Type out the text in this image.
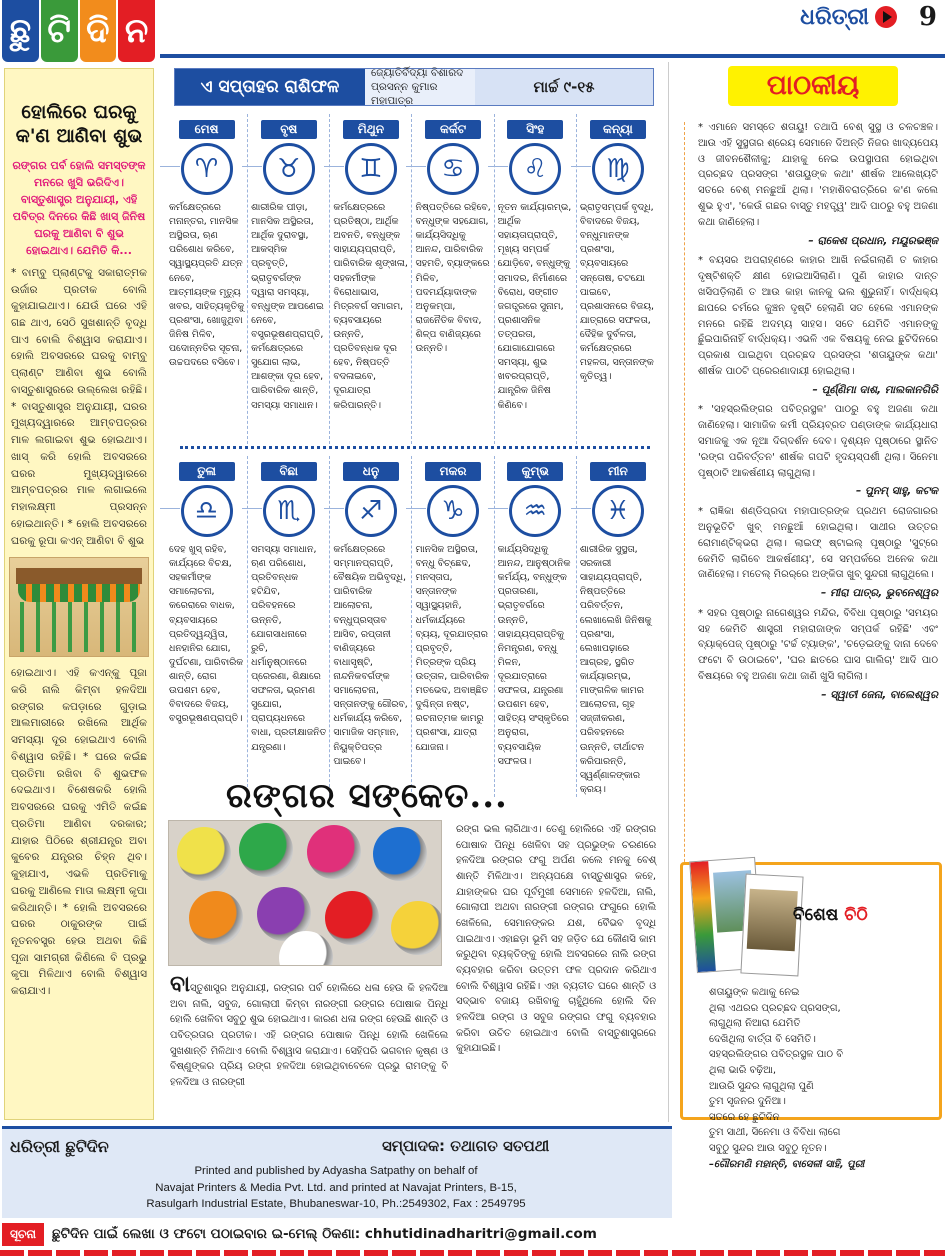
ଛୁ ଟି ଦି ନ	ଧରିତ୍ରୀ 9
ହୋଲିରେ ଘରକୁ କ'ଣ ଆଣିବା ଶୁଭ
ରଙ୍ଗର ପର୍ବ ହୋଲି ସମସ୍ତଙ୍କ ମନରେ ଖୁସି ଭରିଦିଏ। ବାସ୍ତୁଶାସ୍ତ୍ର ଅନୁଯାୟୀ, ଏହି ପବିତ୍ର ଦିନରେ କିଛି ଖାସ୍ ଜିନିଷ ଘରକୁ ଆଣିବା ବି ଶୁଭ ହୋଇଥାଏ। ଯେମିତି କି...
* ବାମ୍ବୁ ପ୍ଲାଣ୍ଟକୁ ସକାରାତ୍ମକ ଉର୍ଜାର ପ୍ରତୀକ ବୋଲି କୁହାଯାଇଥାଏ। ଯେଉଁ ଘରେ ଏହି ଗଛ ଥାଏ, ସେଠି ସୁଖଶାନ୍ତି ବୃଦ୍ଧି ପାଏ ବୋଲି ବିଶ୍ୱାସ କରାଯାଏ। ହୋଲି ଅବସରରେ ଘରକୁ ବାମ୍ବୁ ପ୍ଲାଣ୍ଟ ଆଣିବା ଶୁଭ ବୋଲି ବାସ୍ତୁଶାସ୍ତ୍ରରେ ଉଲ୍ଲେଖ ରହିଛି। * ବାସ୍ତୁଶାସ୍ତ୍ର ଅନୁଯାୟୀ, ଘରର ମୁଖ୍ୟଦ୍ୱାରରେ ଆମ୍ବପତ୍ରର ମାଳ ଲଗାଇବା ଶୁଭ ହୋଇଥାଏ। ଖାସ୍ କରି ହୋଲି ଅବସରରେ ଘରର ମୁଖ୍ୟଦ୍ୱାରରେ ଆମ୍ବପତ୍ରର ମାଳ ଲଗାଇଲେ ମହାଲକ୍ଷ୍ମୀ ପ୍ରସନ୍ନ ହୋଇଥାନ୍ତି। * ହୋଲି ଅବସରରେ ଘରକୁ ରୂପା କଏନ୍ ଆଣିବା ବି ଶୁଭ
ହୋଇଥାଏ। ଏହି କଏନ୍‌କୁ ପୂଜା କରି ନାଲି କିମ୍ବା ହଳଦିଆ ରଙ୍ଗର କପଡ଼ାରେ ଗୁଡ଼ାଇ ଆଲମାରୀରେ ରଖିଲେ ଆର୍ଥିକ ସମସ୍ୟା ଦୂର ହୋଇଥାଏ ବୋଲି ବିଶ୍ୱାସ ରହିଛି। * ଘରେ କଇଁଛ ପ୍ରତିମା ରଖିବା ବି ଶୁଭଫଳ ଦେଇଥାଏ। ବିଶେଷକରି ହୋଲି ଅବସରରେ ଘରକୁ ଏମିତି କଇଁଛ ପ୍ରତିମା ଆଣିବା ଦରକାର; ଯାହାର ପିଠିରେ ଶ୍ରୀଯନ୍ତ୍ର ଅବା କୁବେର ଯନ୍ତ୍ରର ଚିହ୍ନ ଥିବ। କୁହାଯାଏ, ଏଭଳି ପ୍ରତିମାକୁ ଘରକୁ ଆଣିଲେ ମାତା ଲକ୍ଷ୍ମୀ କୃପା କରିଥାନ୍ତି। * ହୋଲି ଅବସରରେ ଘରର ଠାକୁରଙ୍କ ପାଇଁ ନୂତନବସ୍ତ୍ର ହେଉ ଅଥବା କିଛି ପୂଜା ସାମଗ୍ରୀ କିଣିଲେ ବି ପ୍ରଭୁ କୃପା ମିଳିଥାଏ ବୋଲି ବିଶ୍ୱାସ କରାଯାଏ।
ଏ ସପ୍ତାହର ରାଶିଫଳ
ଜ୍ୟୋତିର୍ବିଦ୍ୟା ବିଶାରଦ
ପ୍ରସନ୍ନ କୁମାର ମହାପାତ୍ର
ମାର୍ଚ୍ଚ ୯-୧୫
ମେଷ
♈
କର୍ମକ୍ଷେତ୍ରରେ ମନାନ୍ତର, ମାନସିକ ଅସ୍ଥିରତା, ଋଣ ପରିଶୋଧ କରିବେ, ସ୍ୱାସ୍ଥ୍ୟପ୍ରତି ଯତ୍ନ ନେବେ, ଆତ୍ମୀୟଙ୍କ ମୃତ୍ୟୁ ଖବର, ସାହିତ୍ୟକୃତିକୁ ପ୍ରଶଂସା, ଖୋଜୁଥିବା ଜିନିଷ ମିଳିବ, ପଦୋନ୍ନତିର ସୂଚନା, ଉଚ୍ଚପଦରେ ବସିବେ।
ବୃଷ
♉
ଶାରୀରିକ ପୀଡ଼ା, ମାନସିକ ଅସ୍ଥିରତା, ଆର୍ଥିକ ଦୁରାବସ୍ଥା, ଆକସ୍ମିକ ପ୍ରବୃତ୍ତି, ଭ୍ରାତୃବର୍ଗଙ୍କ ଦ୍ୱାରା ସମସ୍ୟା, ବନ୍ଧୁଙ୍କ ଆପଣେଇ ନେବେ, ବସ୍ତ୍ରଭୂଷଣପ୍ରାପ୍ତି, କର୍ମକ୍ଷେତ୍ରରେ ସୁଯୋଗ ଲାଭ, ଆଶଙ୍କା ଦୂର ହେବ, ପାରିବାରିକ ଶାନ୍ତି, ସମସ୍ୟା ସମାଧାନ।
ମିଥୁନ
♊
କର୍ମକ୍ଷେତ୍ରରେ ପ୍ରତିଷ୍ଠା, ଆର୍ଥିକ ଅବନତି, ବନ୍ଧୁଙ୍କ ସାହାଯ୍ୟପ୍ରାପ୍ତି, ପାରିବାରିକ ଶୃଙ୍ଖଳା, ସହକର୍ମୀଙ୍କ ବିରୋଧାଭାସ, ମିତ୍ରବର୍ଗ ସମାଗମ, ବ୍ୟବସାୟରେ ଉନ୍ନତି, ପ୍ରତିବନ୍ଧକ ଦୂର ହେବ, ନିଷ୍ପତ୍ତି ବଦଳାଇବେ, ଦୂରଯାତ୍ରା କରିପାରନ୍ତି।
କର୍କଟ
♋
ନିଷ୍ପତ୍ତିରେ ରହିବେ, ବନ୍ଧୁଙ୍କ ସହଯୋଗ, କାର୍ଯ୍ୟସିଦ୍ଧିକୁ ଆନନ୍ଦ, ପାରିବାରିକ ସହମତି, ବ୍ୟାଙ୍କରେ ମିଳିବ, ପଦମର୍ଯ୍ୟାଦାଙ୍କ ଅନୁକମ୍ପା, ରାଜନୈତିକ ବିବାଦ, ଶିଳ୍ପ ବାଣିଜ୍ୟରେ ଉନ୍ନତି।
ସିଂହ
♌
ନୂତନ କାର୍ଯ୍ୟାରମ୍ଭ, ଆର୍ଥିକ ସହାୟତାପ୍ରାପ୍ତି, ମୂଖ୍ୟ ସମ୍ପର୍କ ଯୋଡ଼ିବେ, ବନ୍ଧୁଙ୍କୁ ସମାଦର, ନିର୍ମାଣରେ ବିରୋଧ, ସଙ୍ଗୀତ ଜଗତ୍ତ୍ରରେ ସୁନାମ, ପ୍ରଶାସନିକ ତତ୍ପରତା, ଯୋଗାଯୋଗରେ ସମସ୍ୟା, ଶୁଭ ଖବରପ୍ରାପ୍ତି, ଯାନ୍ତ୍ରିକ ଜିନିଷ କିଣିବେ।
କନ୍ୟା
♍
ଭ୍ରାତୃସମ୍ପର୍କ ବୃଦ୍ଧି, ବିବାଦରେ ବିଜୟ, ବନ୍ଧୁମାନଙ୍କ ପ୍ରଶଂସା, ବ୍ୟବସାୟରେ ସନ୍ତୋଷ, ଚଟଯୋ ପାଇବେ, ପ୍ରଶାସନରେ ବିଜୟ, ଯାତ୍ରାରେ ସଫଳତା, ଦୈହିକ ଦୁର୍ବଳତା, କର୍ମକ୍ଷେତ୍ରରେ ମହଳତା, ସନ୍ତାନଙ୍କ କୃତିତ୍ୱ।
ତୁଳା
♎
ଦେହ ଖୁସ୍ ରହିବ, କାର୍ଯ୍ୟରେ ବିଚକ୍ଷ, ସହକର୍ମୀଙ୍କ ସମାଲୋଚନା, କରେରାରେ ବାଧକ, ବ୍ୟବସାୟରେ ପ୍ରତିଦ୍ୱନ୍ଦ୍ୱିତା, ଧନହାନିର ଯୋଗ, ଦୁର୍ଘଟଣା, ପାରିବାରିକ ଶାନ୍ତି, ରୋଗ ଉପଶମ ହେବ, ବିବାଦରେ ବିଜୟ, ବସ୍ତ୍ରଭୂଷଣପ୍ରାପ୍ତି।
ବିଛା
♏
ସମସ୍ୟା ସମାଧାନ, ଋଣ ପରିଶୋଧ, ପ୍ରତିବନ୍ଧକ ହଟିଯିବ, ପରିବହନରେ ଉନ୍ନତି, ଯୋଗସାଧନାରେ ରୁଚି, ଧର୍ମାନୁଷ୍ଠାନରେ ପ୍ରେରଣା, ଶିକ୍ଷାରେ ସଫଳତା, ଭ୍ରମଣ ସୁଯୋଗ, ପ୍ରାପ୍ୟଧନରେ ବାଧା, ପ୍ରତୀକ୍ଷାଜନିତ ଯନ୍ତ୍ରଣା।
ଧନୁ
♐
କର୍ମକ୍ଷେତ୍ରରେ ସମ୍ମାନପ୍ରାପ୍ତି, ବୈଷୟିକ ଅଭିବୃଦ୍ଧି, ପାରିବାରିକ ଆଲୋଚନା, ବନ୍ଧୁପ୍ରସ୍ତାବ ଆସିବ, ରପ୍ତାନୀ ବାଣିଜ୍ୟରେ ବାଧାସୃଷ୍ଟି, ନାନ୍ଦନିକବର୍ଗଙ୍କ ସମାଲୋଚନା, ସନ୍ତାନଙ୍କୁ ଗୌରବ, ଧର୍ମକାର୍ଯ୍ୟ କରିବେ, ସାମାଜିକ ସମ୍ମାନ, ନିୟୁକ୍ତିପତ୍ର ପାଇବେ।
ମକର
♑
ମାନସିକ ଅସ୍ଥିରତା, ବନ୍ଧୁ ବିଚ୍ଛେଦ, ମନସ୍ତାପ, ସନ୍ତାନଙ୍କ ସ୍ୱାସ୍ଥ୍ୟହାନି, ଧର୍ମକାର୍ଯ୍ୟରେ ବ୍ୟୟ, ଦୂରଯାତ୍ରାର ପ୍ରବୃତ୍ତି, ମିତ୍ରଙ୍କ ପ୍ରିୟ ଉତ୍ତାଳ, ପାରିବାରିକ ମତଭେଦ, ଅବାଞ୍ଛିତ ଦୁଶ୍ଚିନ୍ତା ନଷ୍ଟ, ରଚନାତ୍ମକ କାମରୁ ପ୍ରଶଂସା, ଯାତ୍ରା ଯୋଜନା।
କୁମ୍ଭ
♒
କାର୍ଯ୍ୟସିଦ୍ଧିକୁ ଆନନ୍ଦ, ଆନୁଷ୍ଠାନିକ କର୍ମର୍ଯ୍ୟ, ବନ୍ଧୁଙ୍କ ପ୍ରତାରଣା, ଭ୍ରାତୃବର୍ଗରେ ଉନ୍ନତି, ସାହାଯ୍ୟପ୍ରାପ୍ତିକୁ ନିମନ୍ତ୍ରଣ, ବନ୍ଧୁ ମିଳନ, ଦୂରଯାତ୍ରାରେ ସଫଳତା, ଯନ୍ତ୍ରଣା ଉପଶମ ହେବ, ସାହିତ୍ୟ ସଂସ୍କୃତିରେ ଅନୁରାଗ, ବ୍ୟବସାୟିକ ସଫଳତା।
ମୀନ
♓
ଶାରୀରିକ ସୁସ୍ଥତା, ସରକାରୀ ସାହାଯ୍ୟପ୍ରାପ୍ତି, ନିଷ୍ପତ୍ତିରେ ପରିବର୍ତ୍ତନ, ଲେଖାଲେଖି ଜିନିଷକୁ ପ୍ରଶଂସା, ଲେଖାପଢ଼ାରେ ଆଗ୍ରହ, ସ୍ଥଗିତ କାର୍ଯ୍ୟାରମ୍ଭ, ମାଙ୍ଗଳିକ କାମର ଆଲୋଚନା, ଗୃହ ସଜ୍ଜୀକରଣ, ପରିବହନରେ ଉନ୍ନତି, ତୀର୍ଥାଟନ କରିପାରନ୍ତି, ସ୍ୱର୍ଣ୍ଣାଳଙ୍କାର କ୍ରୟ।
ରଙ୍ଗର ସଙ୍କେତ...
ରଙ୍ଗ ଭଲ ଲାଗିଥାଏ। ତେଣୁ ହୋଲିରେ ଏହି ରଙ୍ଗର ପୋଷାକ ପିନ୍ଧି ଖେଳିବା ସହ ପ୍ରଭୁଙ୍କ ଚରଣରେ ହଳଦିଆ ରଙ୍ଗର ଫଗୁ ଅର୍ପଣ କଲେ ମନକୁ ବେଶ୍ ଶାନ୍ତି ମିଳିଥାଏ। ଅନ୍ୟପକ୍ଷେ ବାସ୍ତୁଶାସ୍ତ୍ର କହେ, ଯାହାଙ୍କର ଘର ପୂର୍ବମୁଖୀ ସେମାନେ ହଳଦିଆ, ନାଲି, ଗୋଲାପୀ ଅଥବା ନାରଙ୍ଗୀ ରଙ୍ଗର ଫଗୁରେ ହୋଲି ଖେଳିଲେ, ସେମାନଙ୍କର ଯଶ, ବୈଭବ ବୃଦ୍ଧି ପାଇଥାଏ। ଏହାଛଡ଼ା ଭୂମି ସହ ଜଡ଼ିତ ଯେ କୌଣସି କାମ କରୁଥିବା ବ୍ୟକ୍ତିଙ୍କୁ ହୋଲି ଅବସରରେ ନାଲି ରଙ୍ଗ ବ୍ୟବହାର କରିବା ଉତ୍ତମ ଫଳ ପ୍ରଦାନ କରିଥାଏ ବୋଲି ବିଶ୍ୱାସ ରହିଛି। ଏହା ବ୍ୟତୀତ ଘରେ ଶାନ୍ତି ଓ ସଦ୍ଭାବ ବଜାୟ ରଖିବାକୁ ଚାହୁଁଥିଲେ ହୋଲି ଦିନ ହଳଦିଆ ରଙ୍ଗ ଓ ସବୁଜ ରଙ୍ଗର ଫଗୁ ବ୍ୟବହାର କରିବା ଉଚିତ ହୋଇଥାଏ ବୋଲି ବାସ୍ତୁଶାସ୍ତ୍ରରେ କୁହାଯାଇଛି।
ବାସ୍ତୁଶାସ୍ତ୍ର ଅନୁଯାୟୀ, ରଙ୍ଗର ପର୍ବ ହୋଲିରେ ଧଳା ହେଉ କି ହଳଦିଆ ଅବା ନାଲି, ସବୁଜ, ଗୋଲାପୀ କିମ୍ବା ନାରଙ୍ଗୀ ରଙ୍ଗର ପୋଷାକ ପିନ୍ଧି ହୋଲି ଖେଳିବା ସବୁଠୁ ଶୁଭ ହୋଇଥାଏ। କାରଣ ଧଳା ରଙ୍ଗ ହେଉଛି ଶାନ୍ତି ଓ ପବିତ୍ରତାର ପ୍ରତୀକ। ଏହି ରଙ୍ଗର ପୋଷାକ ପିନ୍ଧି ହୋଲି ଖେଳିଲେ ସୁଖଶାନ୍ତି ମିଳିଥାଏ ବୋଲି ବିଶ୍ୱାସ କରାଯାଏ। ସେହିପରି ଭଗବାନ କୃଷ୍ଣ ଓ ବିଷ୍ଣୁଙ୍କର ପ୍ରିୟ ରଙ୍ଗ ହଳଦିଆ ହୋଇଥିବାବେଳେ ପ୍ରଭୁ ରାମଙ୍କୁ ବି ହଳଦିଆ ଓ ନାରଙ୍ଗୀ
ପାଠକୀୟ
* ଏମାନେ ସମସ୍ତେ ଶତାୟୁ! ତଥାପି ବେଶ୍ ସୁସ୍ଥ ଓ ଚଳଚଞ୍ଚଳ। ଆଉ ଏହି ସୁସ୍ଥତାର ଶ୍ରେୟ ସେମାନେ ଦିଅନ୍ତି ନିଜର ଖାଦ୍ୟପେୟ ଓ ଜୀବନଶୈଳୀକୁ; ଯାହାକୁ ନେଇ ଉପସ୍ଥାପନା ହୋଇଥିବା ପ୍ରଚ୍ଛଦ ପ୍ରସଙ୍ଗ 'ଶତାୟୁଙ୍କ କଥା' ଶୀର୍ଷକ ଆଲେଖ୍ୟଟି ସତରେ ବେଶ୍ ମନଛୁଆଁ ଥିଲା। 'ମହାଶିବରାତ୍ରିରେ କ'ଣ କଲେ ଶୁଭ ହୁଏ', 'କେଉଁ ଗଛର ବାସ୍ତୁ ମହତ୍ତ୍ୱ' ଆଦି ପାଠରୁ ବହୁ ଅଜଣା କଥା ଜାଣିହେଲା।
– ରାକେଶ ପ୍ରଧାନ, ମୟୂରଭଞ୍ଜ
* ବୟସର ଅପରାହ୍ଣରେ କାହାର ଆଖି ନଇଁଗଲାଣି ତ କାହାର ଦୃଷ୍ଟିଶକ୍ତି କ୍ଷୀଣ ହୋଇଆସିଲାଣି। ପୁଣି କାହାର ଦାନ୍ତ ଖସିପଡ଼ିଲାଣି ତ ଆଉ କାହା କାନକୁ ଭଲ ଶୁଭୁନାହିଁ। ବାର୍ଦ୍ଧକ୍ୟ ଛାପରେ ଚର୍ମରେ କୁଞ୍ଚନ ଦୃଷ୍ଟି ହେଲାଣି ସତ ହେଲେ ଏମାନଙ୍କ ମନରେ ରହିଛି ଅଦମ୍ୟ ସାହସ। ସତେ ଯେମିତି ଏମାନଙ୍କୁ ଛୁଁଇପାରିନାହିଁ ବାର୍ଦ୍ଧକ୍ୟ। ଏଭଳି ଏକ ବିଷୟକୁ ନେଇ ଛୁଟିଦିନରେ ପ୍ରକାଶ ପାଇଥିବା ପ୍ରଚ୍ଛଦ ପ୍ରସଙ୍ଗ 'ଶତାୟୁଙ୍କ କଥା' ଶୀର୍ଷକ ପାଠଟି ପ୍ରେରଣାଦାୟୀ ହୋଇଥିଲା।
– ପୂର୍ଣ୍ଣିମା ଦାଶ, ମାଲକାନଗିରି
* 'ସହସ୍ରଲିଙ୍ଗର ପବିତ୍ରସ୍ଥଳ' ପାଠରୁ ବହୁ ଅଜଣା କଥା ଜାଣିହେଲା। ସାମାଜିକ କର୍ମୀ ପ୍ରିୟବ୍ରତ ପଣ୍ଡାଙ୍କ କାର୍ଯ୍ୟଧାରା ସମାଜକୁ ଏକ ନୂଆ ଦିଗ୍‌ଦର୍ଶନ ଦେବ। ଦୃଶ୍ୟନ ପୃଷ୍ଠାରେ ସ୍ଥାନିତ 'ରଙ୍ଗ ପରିବର୍ତ୍ତନ' ଶୀର୍ଷକ ଗପଟି ହୃଦୟସ୍ପର୍ଶୀ ଥିଲା। ସିନେମା ପୃଷ୍ଠାଟି ଆକର୍ଷଣୀୟ ଲାଗୁଥିଲା।
– ପୁନମ୍ ସାହୁ, କଟକ
* ରାଜ୍ଞିକା ଶଣ୍ଡିପ୍ରଦା ମହାପାତ୍ରଙ୍କ ପ୍ରଥମ ରୋଜଗାରର ଅନୁଭୂତିଟି ଖୁବ୍ ମନଛୁଆଁ ହୋଇଥିଲା। ସାଥୀର ଉତ୍ତର ରୋମାଣ୍ଟିକ୍‌ଭରା ଥିଲା। ଲାଇଫ୍ ଷ୍ଟାଇଲ୍ ପୃଷ୍ଠାରୁ 'ସୁଟ୍‌ରେ କେମିତି ଲାଗିବେ ଆକର୍ଷଣୀୟ', ସେ ସମ୍ପର୍କରେ ଅନେକ କଥା ଜାଣିହେଲା। ମତେଲ୍ ମିରର୍‌ରେ ଅଙ୍କିତା ଖୁବ୍ ସୁନ୍ଦରୀ ଲାଗୁଥିଲେ।
– ମୀରା ପାତ୍ର, ଭୁବନେଶ୍ୱର
* ସହର ପୃଷ୍ଠାରୁ ନାଗେଶ୍ୱର ମନ୍ଦିର, ବିବିଧା ପୃଷ୍ଠାରୁ 'ସମୟର ସହ କେମିତି ଶାସ୍ତ୍ରୀ ମହାରାଜାଙ୍କ ସମ୍ପର୍କ ରହିଛି' ଏବଂ ବ୍ୟାକ୍‌ପେଜ୍ ପୃଷ୍ଠାରୁ 'ଟର୍ଚ୍ଚ ଟ୍ୟାଙ୍କ', 'ଚଡ଼େଇଙ୍କୁ ଦାନା ଦେବେ ଫଟୋ ବି ଉଠାଇବେ', 'ଘର ଛାତରେ ଘାସ ଗାଲିଚା' ଆଦି ପାଠ ବିଷୟରେ ବହୁ ଅଜଣା କଥା ଜାଣି ଖୁସି ଲାଗିଲା।
– ସ୍ୱାତୀ ଜେନା, ବାଲେଶ୍ୱର
ବିଶେଷ ଚିଠି
ଶତାୟୁଙ୍କ କଥାକୁ ନେଇ
ଥିଲା ଏଥରର ପ୍ରଚ୍ଛଦ ପ୍ରସଙ୍ଗ,
ଲାଗୁଥିଲା ନିଆରା ଯେମିତି
ଦେଖିଥିଲା ବାର୍ତ୍ତା ବି ସେମିତି।
ସହସ୍ରଲିଙ୍ଗର ପବିତ୍ରସ୍ଥଳ ପାଠ ବି
ଥିଲା ଭାରି ବଢ଼ିଆ,
ଆଉରି ସୁନ୍ଦର ଲାଗୁଥିଲା ପୁଣି
ତୁମ ସୃଜନର ଦୁନିଆ।
ସତରେ ହେ ଛୁଟିଦିନ
ତୁମ ସାଥୀ, ସିନେମା ଓ ବିବିଧା ଲାଗେ
ସବୁଠୁ ସୁନ୍ଦର ଆଉ ସବୁଠୁ ନୂତନ।
–ଗୌରମଣି ମହାନ୍ତି, ବାସେଳୀ ସାହି, ପୁରୀ
ଧରିତ୍ରୀ ଛୁଟିଦିନ	ସମ୍ପାଦକ: ତଥାଗତ ସତପଥୀ
Printed and published by Adyasha Satpathy on behalf of
Navajat Printers & Media Pvt. Ltd. and printed at Navajat Printers, B-15,
Rasulgarh Industrial Estate, Bhubaneswar-10, Ph.:2549302, Fax : 2549795
ସୂଚନା	ଛୁଟିଦିନ ପାଇଁ ଲେଖା ଓ ଫଟୋ ପଠାଇବାର ଇ-ମେଲ୍ ଠିକଣା: chhutidinadharitri@gmail.com
